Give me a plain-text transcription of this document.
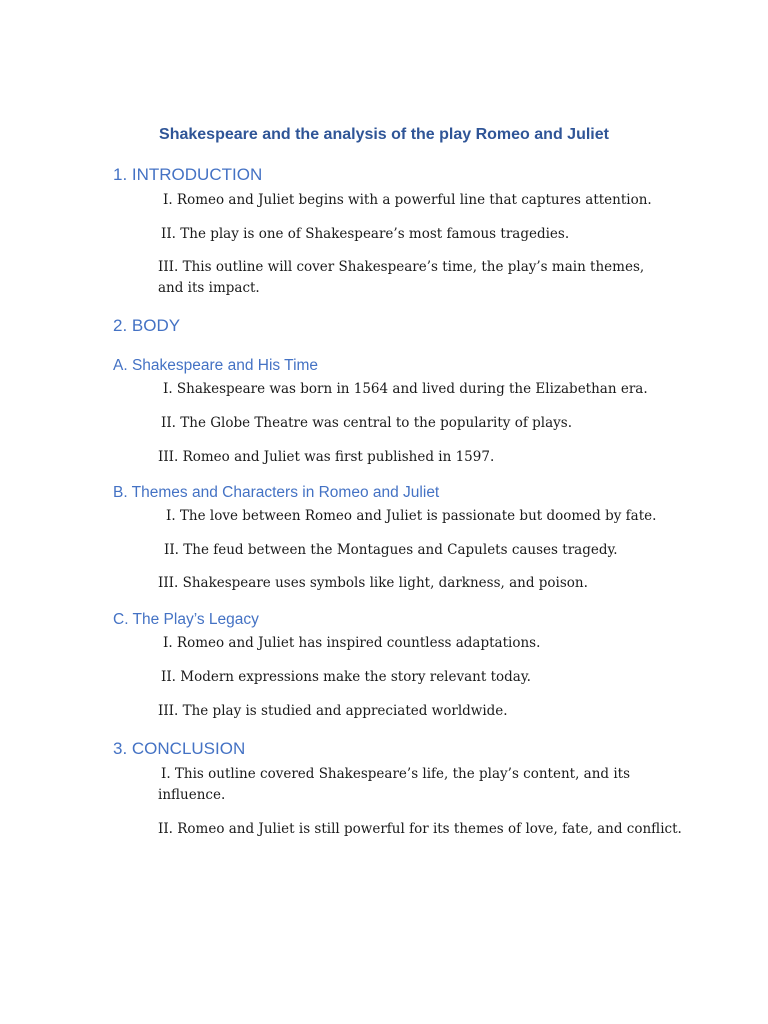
Shakespeare and the analysis of the play Romeo and Juliet
1. INTRODUCTION

I. Romeo and Juliet begins with a powerful line that captures attention.

II. The play is one of Shakespeare’s most famous tragedies.

III. This outline will cover Shakespeare’s time, the play’s main themes, and its impact.

2. BODY
A. Shakespeare and His Time

I. Shakespeare was born in 1564 and lived during the Elizabethan era.

II. The Globe Theatre was central to the popularity of plays.

III. Romeo and Juliet was first published in 1597.

B. Themes and Characters in Romeo and Juliet

I. The love between Romeo and Juliet is passionate but doomed by fate.

II. The feud between the Montagues and Capulets causes tragedy.

III. Shakespeare uses symbols like light, darkness, and poison.

C. The Play’s Legacy

I. Romeo and Juliet has inspired countless adaptations.

II. Modern expressions make the story relevant today.

III. The play is studied and appreciated worldwide.

3. CONCLUSION

I. This outline covered Shakespeare’s life, the play’s content, and its influence.

II. Romeo and Juliet is still powerful for its themes of love, fate, and conflict.
